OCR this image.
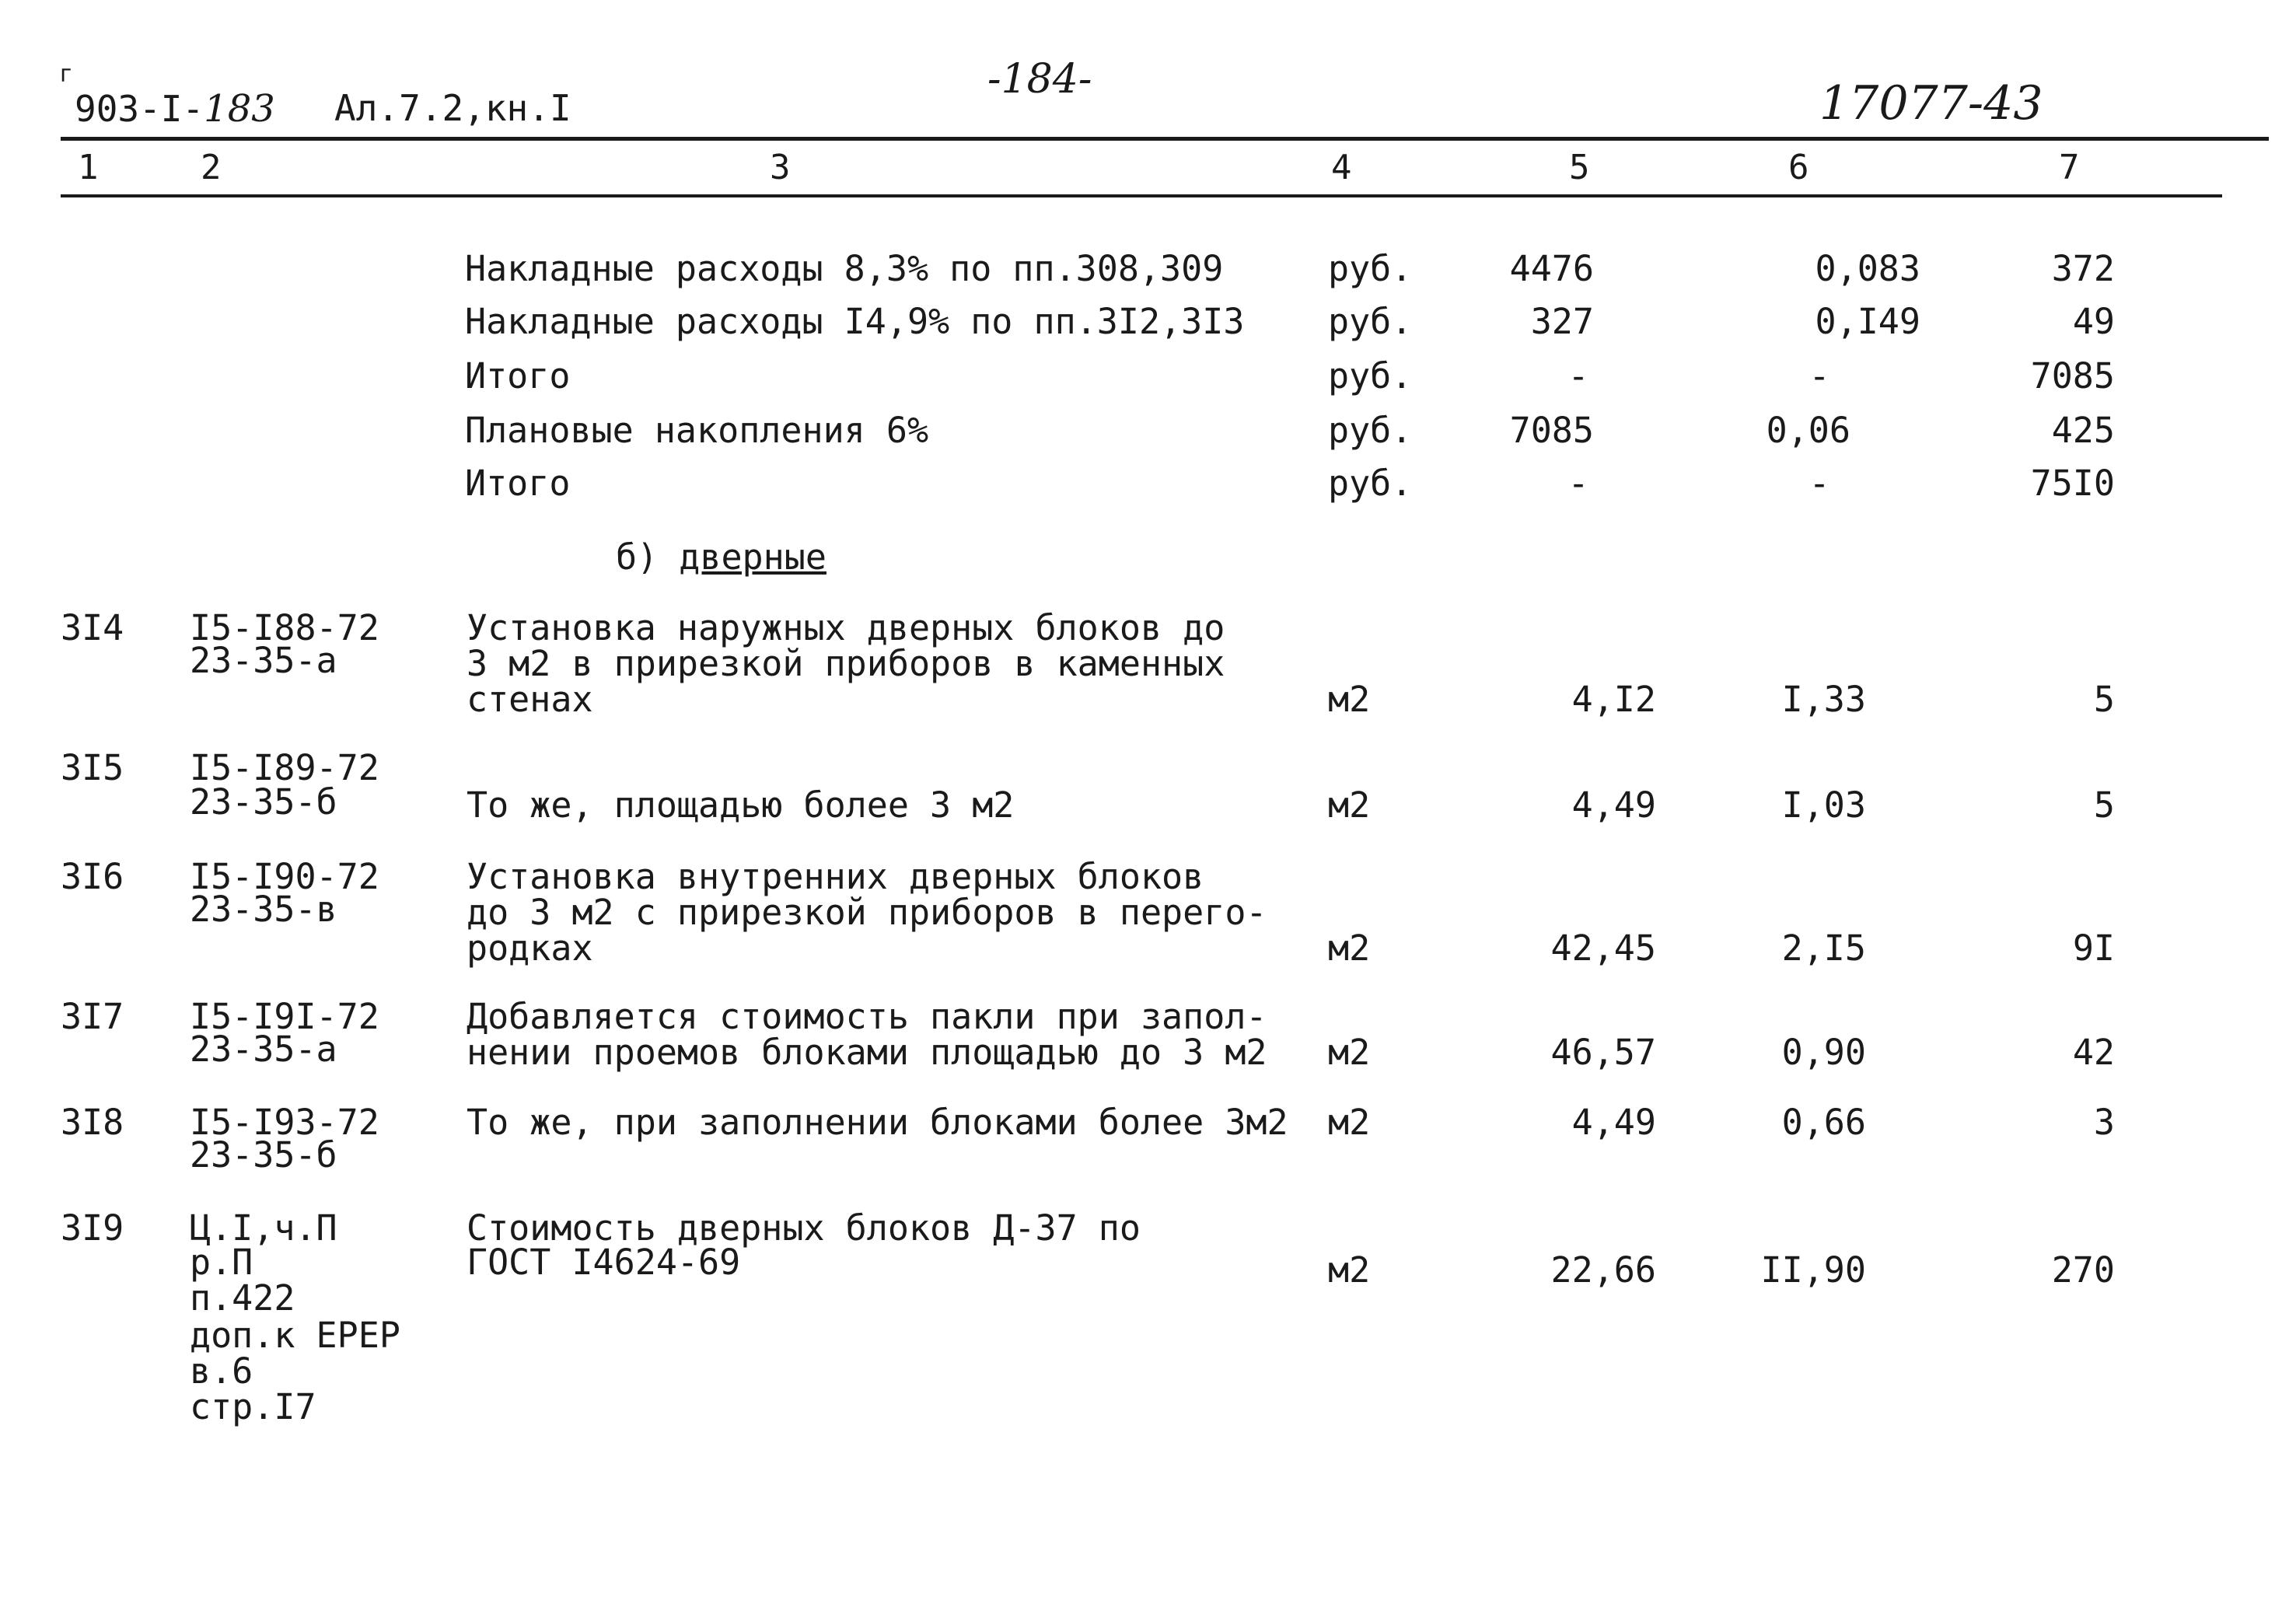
г
903-I-183 Ал.7.2,кн.I
-184-	17077-43
1	2	3	4	5	6	7
Накладные расходы 8,3% по пп.308,309	руб.	4476	0,083	372
Накладные расходы I4,9% по пп.3I2,3I3 руб.	327	0,I49	49
Итого	руб.	-	-	7085
Плановые накопления 6%	руб.	7085	0,06	425
Итого	руб.	-	-	75I0
б) дверные
3I4 I5-I88-72
23-35-а
Установка наружных дверных блоков до
3 м2 в прирезкой приборов в каменных
стенах	м2	4,I2	I,33	5
3I5 I5-I89-72
23-35-б	То же, площадью более 3 м2	м2	4,49	I,03	5
3I6 I5-I90-72
23-35-в
Установка внутренних дверных блоков
до 3 м2 с прирезкой приборов в перего-
родках	м2	42,45	2,I5	9I
3I7 I5-I9I-72
23-35-а
Добавляется стоимость пакли при запол-
нении проемов блоками площадью до 3 м2 м2	46,57	0,90	42
3I8 I5-I93-72
23-35-б
То же, при заполнении блоками более 3м2 м2	4,49	0,66	3
3I9 Ц.I,ч.П
р.П
п.422
доп.к ЕРЕР
в.6
стр.I7
Стоимость дверных блоков Д-37 по
ГОСТ I4624-69	м2	22,66	II,90	270
